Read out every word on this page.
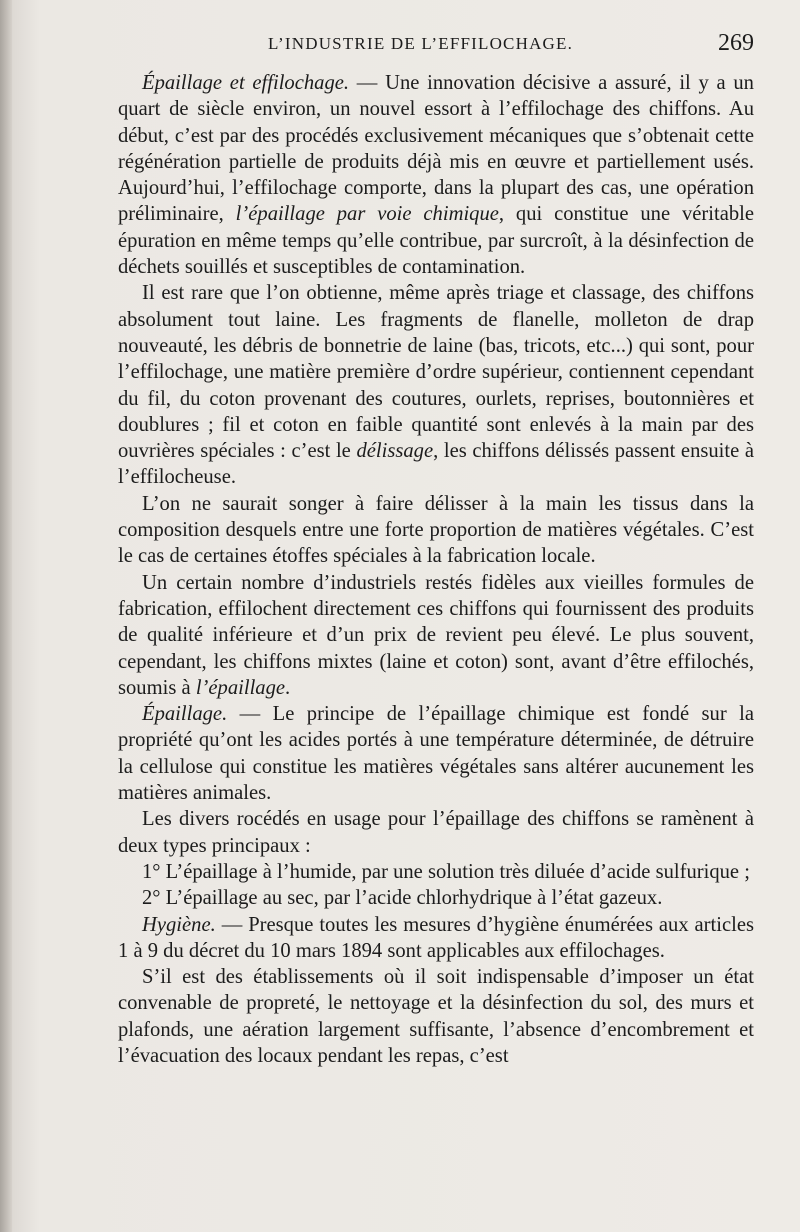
L’INDUSTRIE DE L’EFFILOCHAGE.	269

Épaillage et effilochage. — Une innovation décisive a assuré, il y a un quart de siècle environ, un nouvel essort à l’effilochage des chiffons. Au début, c’est par des procédés exclusivement mécaniques que s’obtenait cette régénération partielle de produits déjà mis en œuvre et partiellement usés. Aujourd’hui, l’effilochage comporte, dans la plupart des cas, une opération préliminaire, l’épaillage par voie chimique, qui constitue une véritable épuration en même temps qu’elle contribue, par surcroît, à la désinfection de déchets souillés et susceptibles de contamination.

Il est rare que l’on obtienne, même après triage et classage, des chiffons absolument tout laine. Les fragments de flanelle, molleton de drap nouveauté, les débris de bonnetrie de laine (bas, tricots, etc...) qui sont, pour l’effilochage, une matière première d’ordre supérieur, contiennent cependant du fil, du coton provenant des coutures, ourlets, reprises, boutonnières et doublures ; fil et coton en faible quantité sont enlevés à la main par des ouvrières spéciales : c’est le délissage, les chiffons délissés passent ensuite à l’effilocheuse.

L’on ne saurait songer à faire délisser à la main les tissus dans la composition desquels entre une forte proportion de matières végétales. C’est le cas de certaines étoffes spéciales à la fabrication locale.

Un certain nombre d’industriels restés fidèles aux vieilles formules de fabrication, effilochent directement ces chiffons qui fournissent des produits de qualité inférieure et d’un prix de revient peu élevé. Le plus souvent, cependant, les chiffons mixtes (laine et coton) sont, avant d’être effilochés, soumis à l’épaillage.

Épaillage. — Le principe de l’épaillage chimique est fondé sur la propriété qu’ont les acides portés à une température déterminée, de détruire la cellulose qui constitue les matières végétales sans altérer aucunement les matières animales.

Les divers rocédés en usage pour l’épaillage des chiffons se ramènent à deux types principaux :

1° L’épaillage à l’humide, par une solution très diluée d’acide sulfurique ;

2° L’épaillage au sec, par l’acide chlorhydrique à l’état gazeux.

Hygiène. — Presque toutes les mesures d’hygiène énumérées aux articles 1 à 9 du décret du 10 mars 1894 sont applicables aux effilochages.

S’il est des établissements où il soit indispensable d’imposer un état convenable de propreté, le nettoyage et la désinfection du sol, des murs et plafonds, une aération largement suffisante, l’absence d’encombrement et l’évacuation des locaux pendant les repas, c’est
